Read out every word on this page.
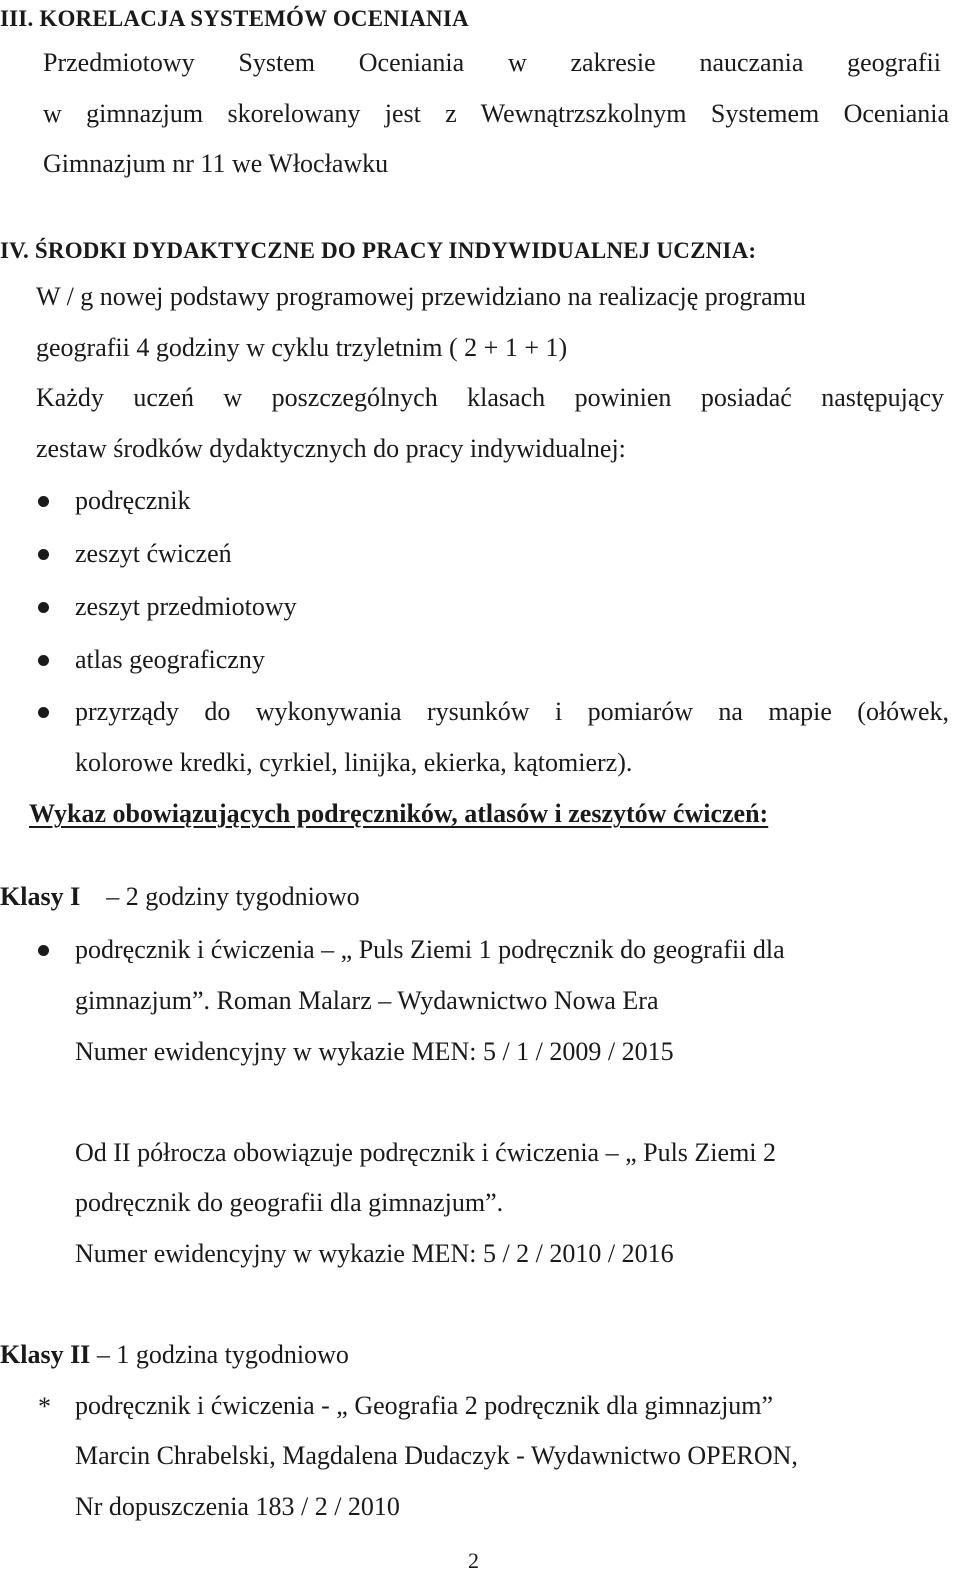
III. KORELACJA SYSTEMÓW OCENIANIA
Przedmiotowy System Oceniania w zakresie nauczania geografii
w gimnazjum skorelowany jest z Wewnątrzszkolnym Systemem Oceniania
Gimnazjum nr 11 we Włocławku
IV. ŚRODKI DYDAKTYCZNE DO PRACY INDYWIDUALNEJ UCZNIA:
W / g nowej podstawy programowej przewidziano na realizację programu
geografii 4 godziny w cyklu trzyletnim ( 2 + 1 + 1)
Każdy uczeń w poszczególnych klasach powinien posiadać następujący
zestaw środków dydaktycznych do pracy indywidualnej:
podręcznik
zeszyt ćwiczeń
zeszyt przedmiotowy
atlas geograficzny
przyrządy do wykonywania rysunków i pomiarów na mapie (ołówek,
kolorowe kredki, cyrkiel, linijka, ekierka, kątomierz).
Wykaz obowiązujących podręczników, atlasów i zeszytów ćwiczeń:
Klasy I – 2 godziny tygodniowo
podręcznik i ćwiczenia – „ Puls Ziemi 1 podręcznik do geografii dla
gimnazjum”. Roman Malarz – Wydawnictwo Nowa Era
Numer ewidencyjny w wykazie MEN: 5 / 1 / 2009 / 2015
Od II półrocza obowiązuje podręcznik i ćwiczenia – „ Puls Ziemi 2
podręcznik do geografii dla gimnazjum”.
Numer ewidencyjny w wykazie MEN: 5 / 2 / 2010 / 2016
Klasy II – 1 godzina tygodniowo
* podręcznik i ćwiczenia - „ Geografia 2 podręcznik dla gimnazjum”
Marcin Chrabelski, Magdalena Dudaczyk - Wydawnictwo OPERON,
Nr dopuszczenia 183 / 2 / 2010
2
